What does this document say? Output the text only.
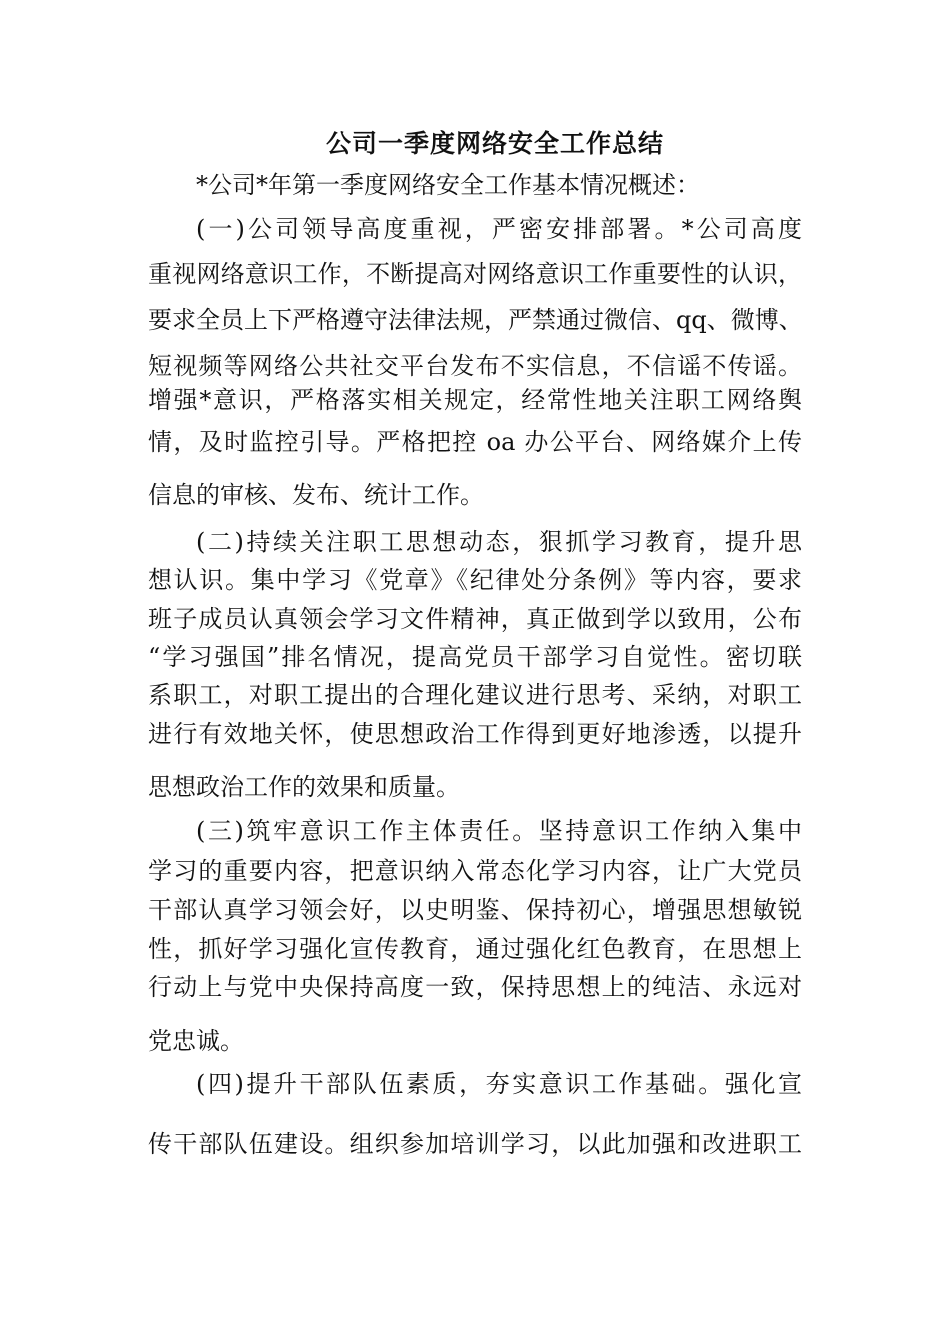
公司一季度网络安全工作总结

*公司*年第一季度网络安全工作基本情况概述：

(一)公司领导高度重视，严密安排部署。*公司高度

重视网络意识工作，不断提高对网络意识工作重要性的认识，

要求全员上下严格遵守法律法规，严禁通过微信、qq、微博、

短视频等网络公共社交平台发布不实信息，不信谣不传谣。

增强*意识，严格落实相关规定，经常性地关注职工网络舆

情，及时监控引导。严格把控 oa 办公平台、网络媒介上传

信息的审核、发布、统计工作。

(二)持续关注职工思想动态，狠抓学习教育，提升思

想认识。集中学习《党章》《纪律处分条例》等内容，要求

班子成员认真领会学习文件精神，真正做到学以致用，公布

“学习强国”排名情况，提高党员干部学习自觉性。密切联

系职工，对职工提出的合理化建议进行思考、采纳，对职工

进行有效地关怀，使思想政治工作得到更好地渗透，以提升

思想政治工作的效果和质量。

(三)筑牢意识工作主体责任。坚持意识工作纳入集中

学习的重要内容，把意识纳入常态化学习内容，让广大党员

干部认真学习领会好，以史明鉴、保持初心，增强思想敏锐

性，抓好学习强化宣传教育，通过强化红色教育，在思想上

行动上与党中央保持高度一致，保持思想上的纯洁、永远对

党忠诚。

(四)提升干部队伍素质，夯实意识工作基础。强化宣

传干部队伍建设。组织参加培训学习，以此加强和改进职工
